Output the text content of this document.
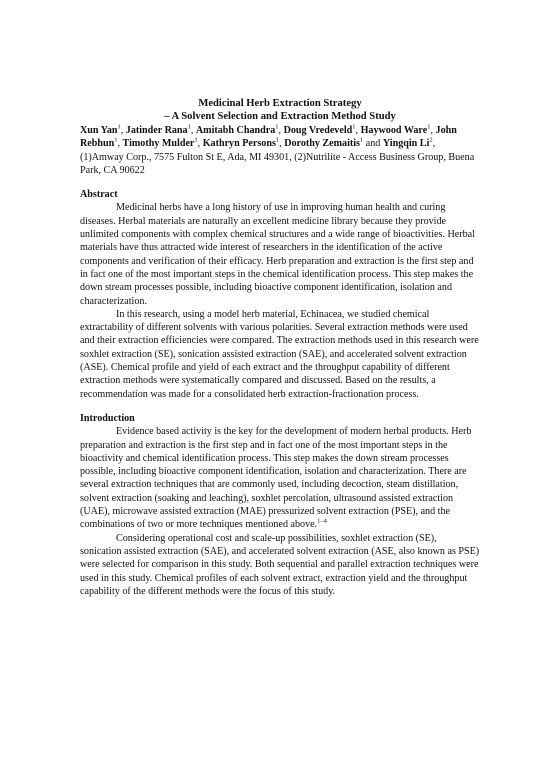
Medicinal Herb Extraction Strategy
– A Solvent Selection and Extraction Method Study
Xun Yan$^1$, Jatinder Rana$^1$, Amitabh Chandra$^1$, Doug Vredeveld$^1$, Haywood Ware$^1$, John Rebhun$^1$, Timothy Mulder$^1$, Kathryn Persons$^1$, Dorothy Zemaitis$^1$ and Yingqin Li$^2$, (1)Amway Corp., 7575 Fulton St E, Ada, MI 49301, (2)Nutrilite - Access Business Group, Buena Park, CA 90622
Abstract

Medicinal herbs have a long history of use in improving human health and curing diseases. Herbal materials are naturally an excellent medicine library because they provide unlimited components with complex chemical structures and a wide range of bioactivities. Herbal materials have thus attracted wide interest of researchers in the identification of the active components and verification of their efficacy. Herb preparation and extraction is the first step and in fact one of the most important steps in the chemical identification process. This step makes the down stream processes possible, including bioactive component identification, isolation and characterization.

In this research, using a model herb material, Echinacea, we studied chemical extractability of different solvents with various polarities. Several extraction methods were used and their extraction efficiencies were compared. The extraction methods used in this research were soxhlet extraction (SE), sonication assisted extraction (SAE), and accelerated solvent extraction (ASE). Chemical profile and yield of each extract and the throughput capability of different extraction methods were systematically compared and discussed. Based on the results, a recommendation was made for a consolidated herb extraction-fractionation process.

Introduction

Evidence based activity is the key for the development of modern herbal products. Herb preparation and extraction is the first step and in fact one of the most important steps in the bioactivity and chemical identification process. This step makes the down stream processes possible, including bioactive component identification, isolation and characterization. There are several extraction techniques that are commonly used, including decoction, steam distillation, solvent extraction (soaking and leaching), soxhlet percolation, ultrasound assisted extraction (UAE), microwave assisted extraction (MAE) pressurized solvent extraction (PSE), and the combinations of two or more techniques mentioned above.$^{1-4}$

Considering operational cost and scale-up possibilities, soxhlet extraction (SE), sonication assisted extraction (SAE), and accelerated solvent extraction (ASE, also known as PSE) were selected for comparison in this study. Both sequential and parallel extraction techniques were used in this study. Chemical profiles of each solvent extract, extraction yield and the throughput capability of the different methods were the focus of this study.
